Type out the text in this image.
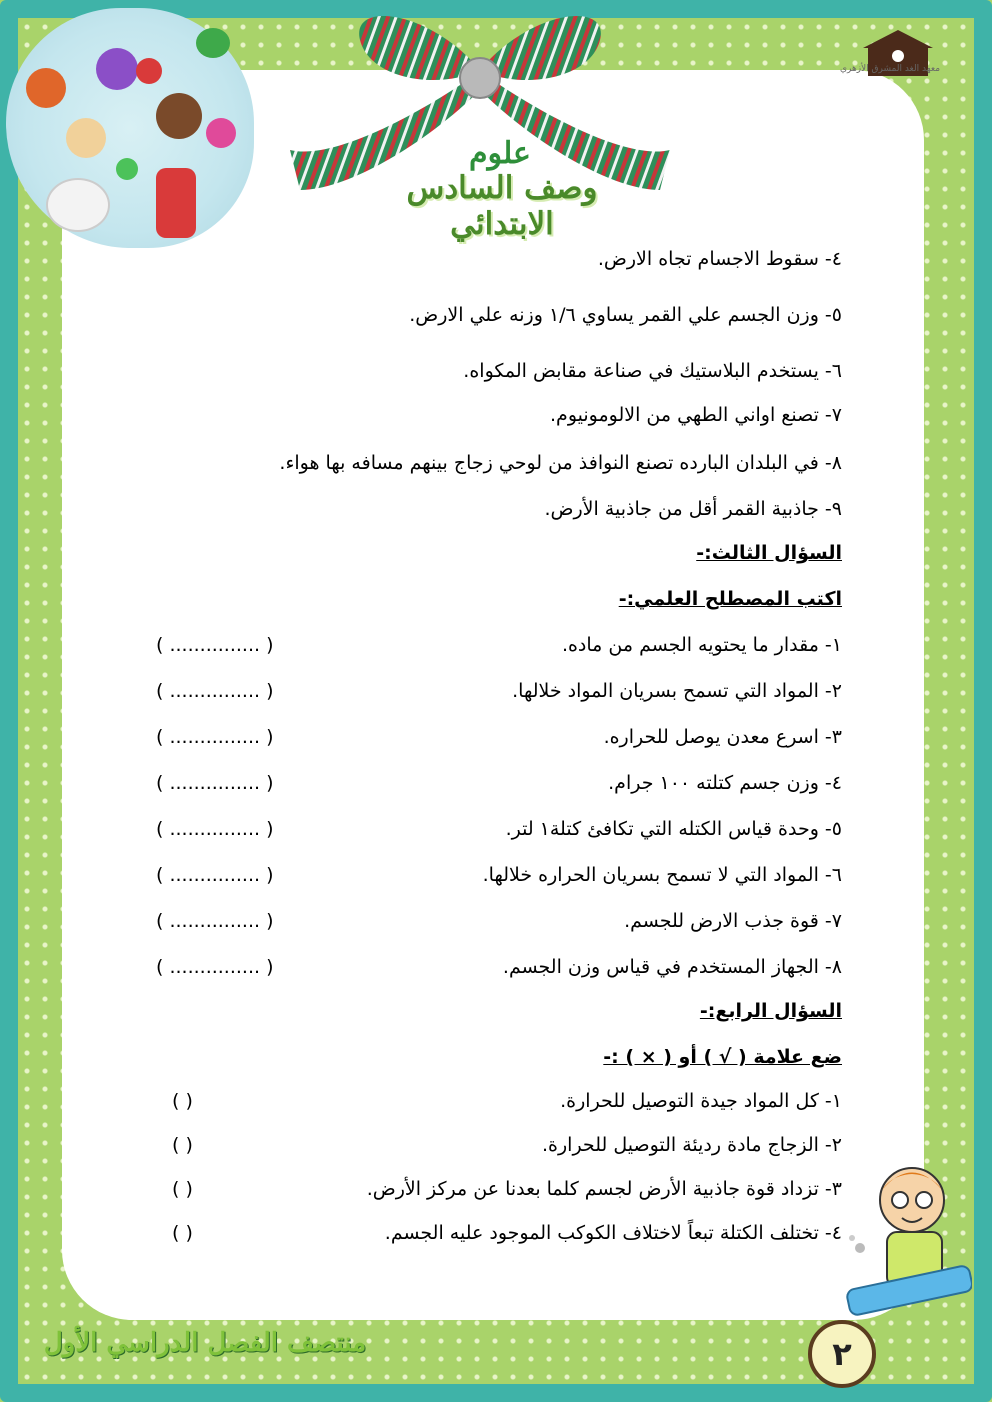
معهد الغد المشرق الأزهري
علوم
وصف السادس الابتدائي
٤- سقوط الاجسام تجاه الارض.
٥- وزن الجسم علي القمر يساوي ١/٦ وزنه علي الارض.
٦- يستخدم البلاستيك في صناعة مقابض المكواه.
٧- تصنع اواني الطهي من الالومونيوم.
٨- في البلدان البارده تصنع النوافذ من لوحي زجاج بينهم مسافه بها هواء.
٩- جاذبية القمر أقل من جاذبية الأرض.
السؤال الثالث:-
اكتب المصطلح العلمي:-
١- مقدار ما يحتويه الجسم من ماده.
( ............... )
٢- المواد التي تسمح بسريان المواد خلالها.
( ............... )
٣- اسرع معدن يوصل للحراره.
( ............... )
٤- وزن جسم كتلته ١٠٠ جرام.
( ............... )
٥- وحدة قياس الكتله التي تكافئ كتلة١ لتر.
( ............... )
٦- المواد التي لا تسمح بسريان الحراره خلالها.
( ............... )
٧- قوة جذب الارض للجسم.
( ............... )
٨- الجهاز المستخدم في قياس وزن الجسم.
( ............... )
السؤال الرابع:-
ضع علامة ( √ ) أو ( × ) :-
١- كل المواد جيدة التوصيل للحرارة.
( )
٢- الزجاج مادة رديئة التوصيل للحرارة.
( )
٣- تزداد قوة جاذبية الأرض لجسم كلما بعدنا عن مركز الأرض.
( )
٤- تختلف الكتلة تبعاً لاختلاف الكوكب الموجود عليه الجسم.
( )
منتصف الفصل الدراسي الأول	٢
